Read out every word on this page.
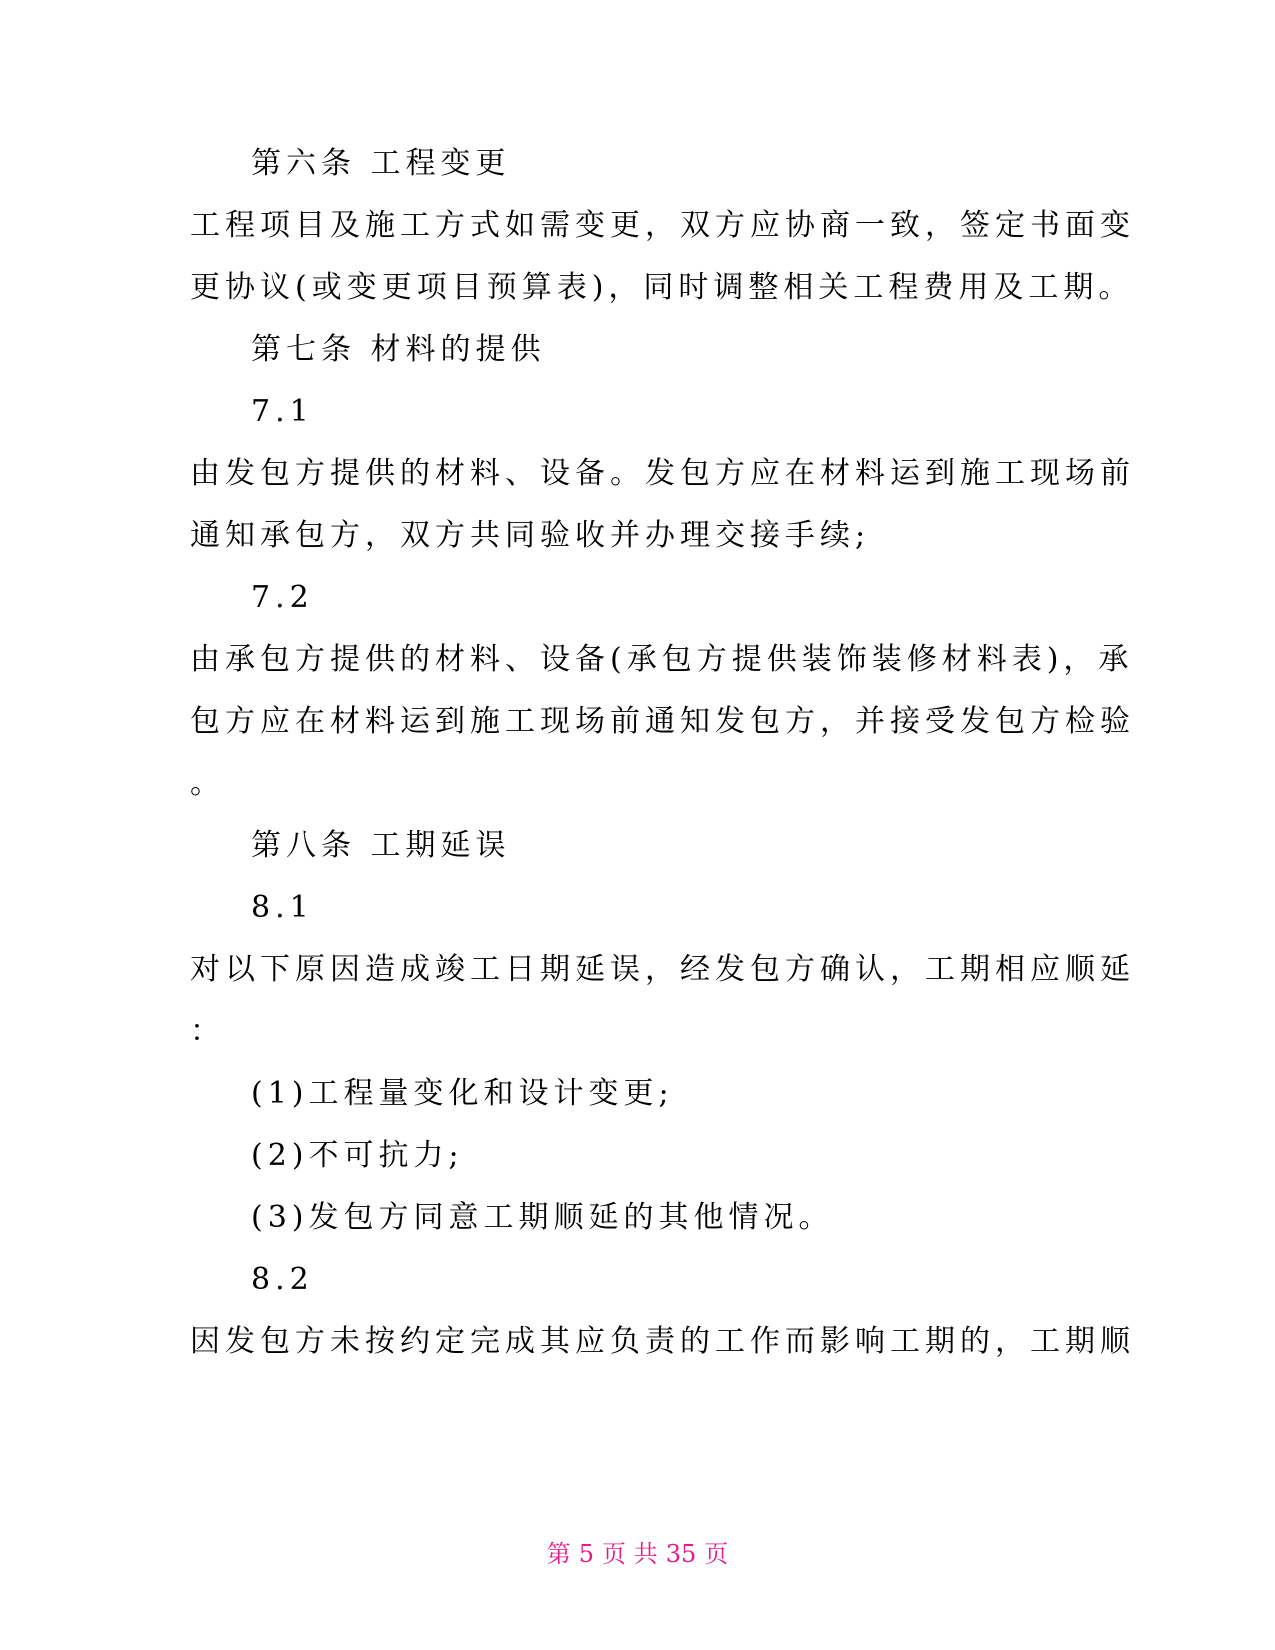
第六条 工程变更
工程项目及施工方式如需变更，双方应协商一致，签定书面变
更协议(或变更项目预算表)，同时调整相关工程费用及工期。
第七条 材料的提供
7.1
由发包方提供的材料、设备。发包方应在材料运到施工现场前
通知承包方，双方共同验收并办理交接手续;
7.2
由承包方提供的材料、设备(承包方提供装饰装修材料表)，承
包方应在材料运到施工现场前通知发包方，并接受发包方检验
。
第八条 工期延误
8.1
对以下原因造成竣工日期延误，经发包方确认，工期相应顺延
：
(1)工程量变化和设计变更;
(2)不可抗力;
(3)发包方同意工期顺延的其他情况。
8.2
因发包方未按约定完成其应负责的工作而影响工期的，工期顺
第 5 页 共 35 页
